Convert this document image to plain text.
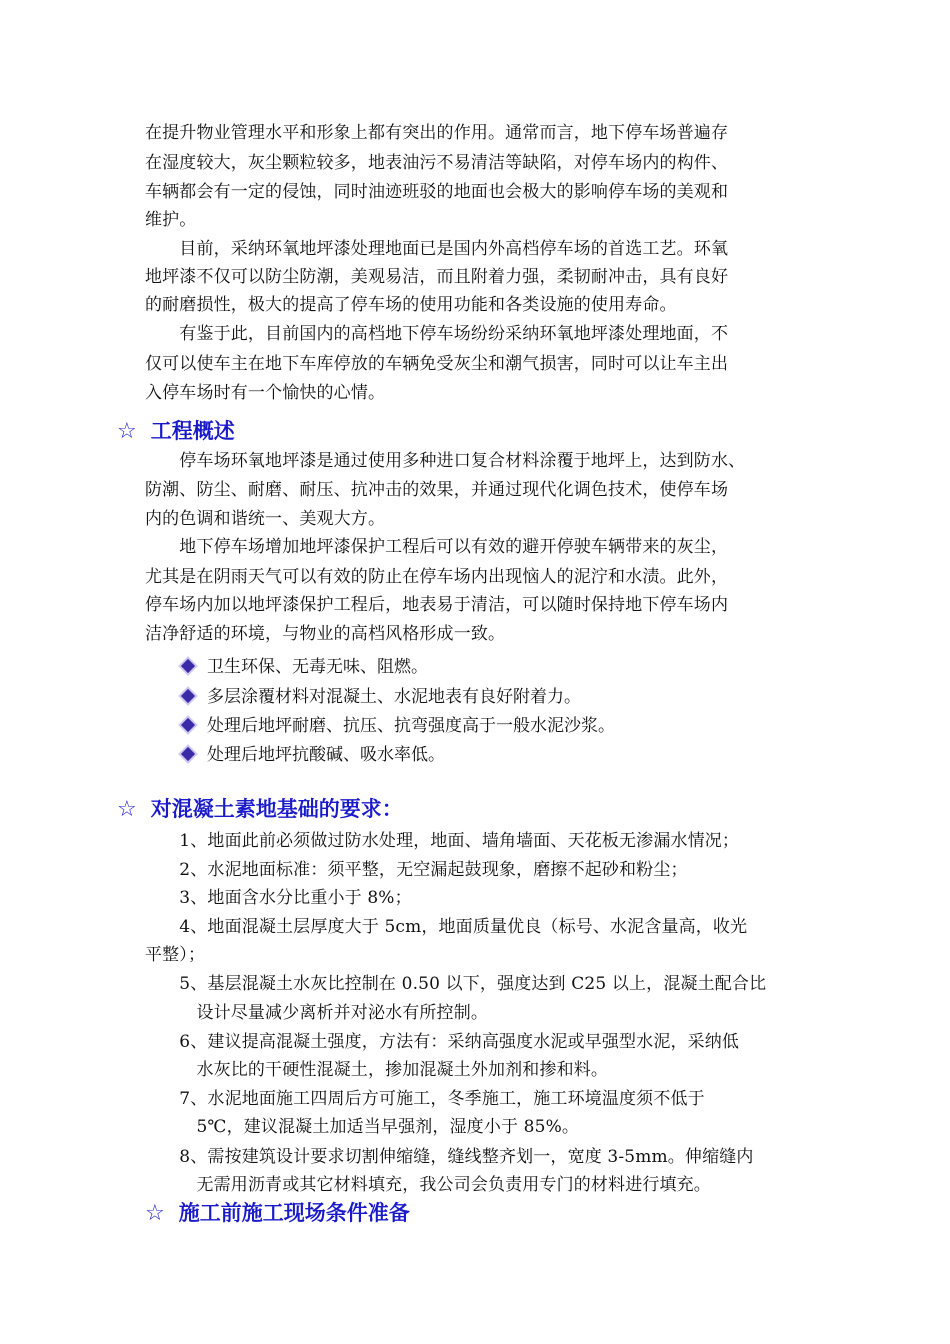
在提升物业管理水平和形象上都有突出的作用。通常而言，地下停车场普遍存
在湿度较大，灰尘颗粒较多，地表油污不易清洁等缺陷，对停车场内的构件、
车辆都会有一定的侵蚀，同时油迹班驳的地面也会极大的影响停车场的美观和
维护。
　　目前，采纳环氧地坪漆处理地面已是国内外高档停车场的首选工艺。环氧
地坪漆不仅可以防尘防潮，美观易洁，而且附着力强，柔韧耐冲击，具有良好
的耐磨损性，极大的提高了停车场的使用功能和各类设施的使用寿命。
　　有鉴于此，目前国内的高档地下停车场纷纷采纳环氧地坪漆处理地面，不
仅可以使车主在地下车库停放的车辆免受灰尘和潮气损害，同时可以让车主出
入停车场时有一个愉快的心情。
☆ 工程概述
　　停车场环氧地坪漆是通过使用多种进口复合材料涂覆于地坪上，达到防水、
防潮、防尘、耐磨、耐压、抗冲击的效果，并通过现代化调色技术，使停车场
内的色调和谐统一、美观大方。
　　地下停车场增加地坪漆保护工程后可以有效的避开停驶车辆带来的灰尘，
尤其是在阴雨天气可以有效的防止在停车场内出现恼人的泥泞和水渍。此外，
停车场内加以地坪漆保护工程后，地表易于清洁，可以随时保持地下停车场内
洁净舒适的环境，与物业的高档风格形成一致。
卫生环保、无毒无味、阻燃。
多层涂覆材料对混凝土、水泥地表有良好附着力。
处理后地坪耐磨、抗压、抗弯强度高于一般水泥沙浆。
处理后地坪抗酸碱、吸水率低。
☆ 对混凝土素地基础的要求：
　　1、地面此前必须做过防水处理，地面、墙角墙面、天花板无渗漏水情况；
　　2、水泥地面标准：须平整，无空漏起鼓现象，磨擦不起砂和粉尘；
　　3、地面含水分比重小于 8%；
　　4、地面混凝土层厚度大于 5cm，地面质量优良（标号、水泥含量高，收光
平整）；
　　5、基层混凝土水灰比控制在 0.50 以下，强度达到 C25 以上，混凝土配合比
　　　设计尽量减少离析并对泌水有所控制。
　　6、建议提高混凝土强度，方法有：采纳高强度水泥或早强型水泥，采纳低
　　　水灰比的干硬性混凝土，掺加混凝土外加剂和掺和料。
　　7、水泥地面施工四周后方可施工，冬季施工，施工环境温度须不低于
　　　5℃，建议混凝土加适当早强剂，湿度小于 85%。
　　8、需按建筑设计要求切割伸缩缝，缝线整齐划一，宽度 3-5mm。伸缩缝内
　　　无需用沥青或其它材料填充，我公司会负责用专门的材料进行填充。
☆ 施工前施工现场条件准备
